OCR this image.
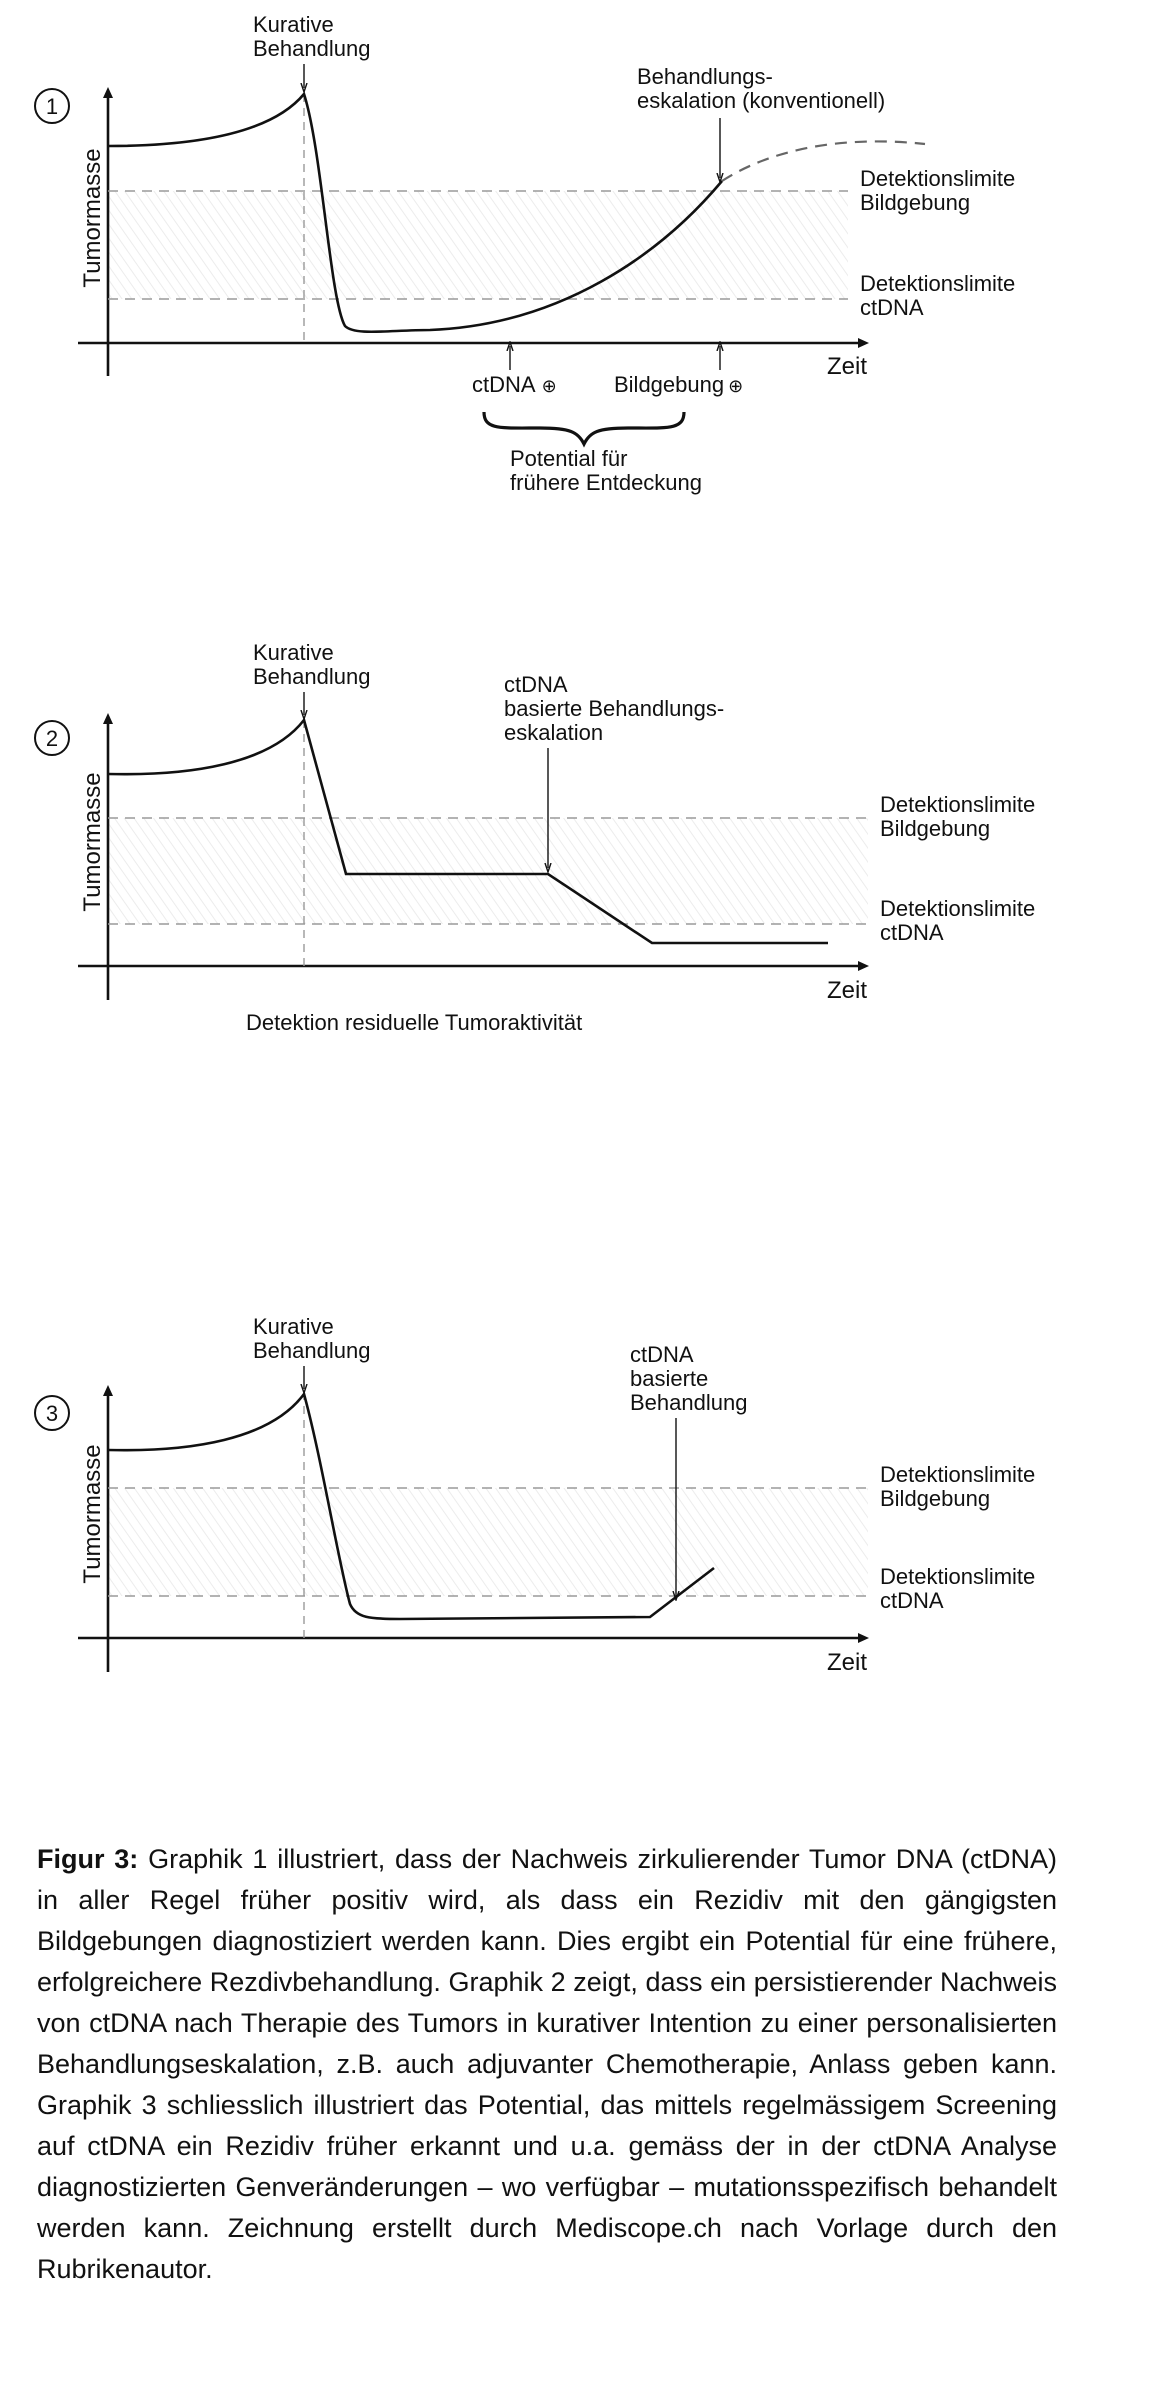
1
Tumormasse
Zeit
Kurative Behandlung
Behandlungs- eskalation (konventionell)
Detektionslimite Bildgebung
Detektionslimite ctDNA
ctDNA ⊕	Bildgebung ⊕
Potential für frühere Entdeckung
2
Tumormasse
Zeit
Kurative Behandlung	ctDNA basierte Behandlungs- eskalation
Detektionslimite Bildgebung
Detektionslimite ctDNA
Detektion residuelle Tumoraktivität
3
Tumormasse
Zeit
Kurative Behandlung	ctDNA basierte Behandlung
Detektionslimite Bildgebung
Detektionslimite ctDNA

Figur 3: Graphik 1 illustriert, dass der Nachweis zirkulierender Tumor DNA (ctDNA) in aller Regel früher positiv wird, als dass ein Rezidiv mit den gängigsten Bildgebungen diagnostiziert werden kann. Dies ergibt ein Potential für eine frühere, erfolgreichere Rezdivbehandlung. Graphik 2 zeigt, dass ein persistierender Nachweis von ctDNA nach Therapie des Tumors in kurativer Intention zu einer personalisierten Behandlungseskalation, z.B. auch adjuvanter Chemotherapie, Anlass geben kann. Graphik 3 schliesslich illustriert das Potential, das mittels regelmässigem Screening auf ctDNA ein Rezidiv früher erkannt und u.a. gemäss der in der ctDNA Analyse diagnostizierten Genveränderungen – wo verfügbar – mutationsspezifisch behandelt werden kann. Zeichnung erstellt durch Mediscope.ch nach Vorlage durch den Rubrikenautor.
